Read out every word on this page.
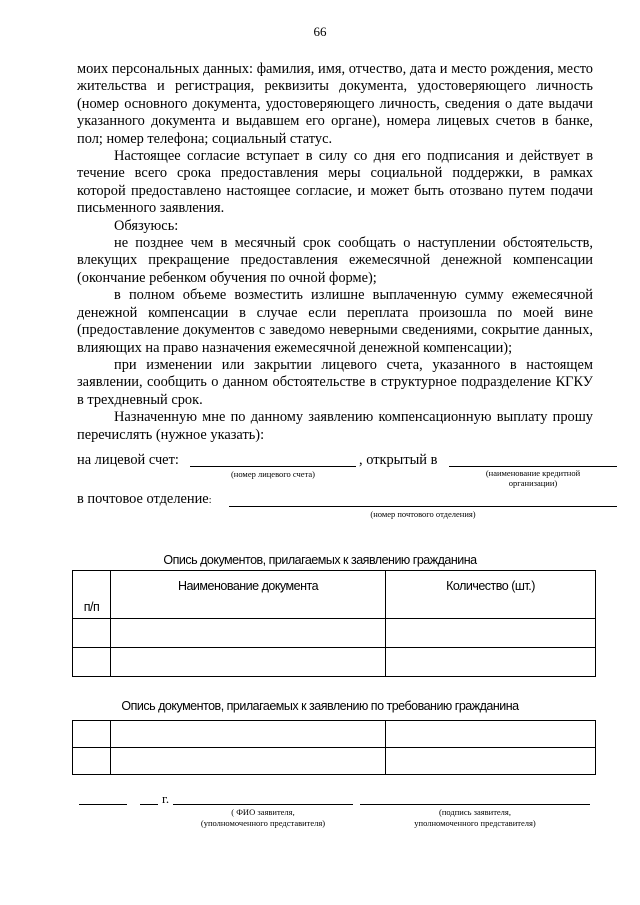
66

моих персональных данных: фамилия, имя, отчество, дата и место рождения, место жительства и регистрация, реквизиты документа, удостоверяющего личность (номер основного документа, удостоверяющего личность, сведения о дате выдачи указанного документа и выдавшем его органе), номера лицевых счетов в банке, пол; номер телефона; социальный статус.

Настоящее согласие вступает в силу со дня его подписания и действует в течение всего срока предоставления меры социальной поддержки, в рамках которой предоставлено настоящее согласие, и может быть отозвано путем подачи письменного заявления.

Обязуюсь:

не позднее чем в месячный срок сообщать о наступлении обстоятельств, влекущих прекращение предоставления ежемесячной денежной компенсации (окончание ребенком обучения по очной форме);

в полном объеме возместить излишне выплаченную сумму ежемесячной денежной компенсации в случае если переплата произошла по моей вине (предоставление документов с заведомо неверными сведениями, сокрытие данных, влияющих на право назначения ежемесячной денежной компенсации);

при изменении или закрытии лицевого счета, указанного в настоящем заявлении, сообщить о данном обстоятельстве в структурное подразделение КГКУ в трехдневный срок.

Назначенную мне по данному заявлению компенсационную выплату прошу перечислять (нужное указать):

на лицевой счет:	, открытый в
(номер лицевого счета)	(наименование кредитной
организации)
в почтовое отделение:
(номер почтового отделения)
Опись документов, прилагаемых к заявлению гражданина
п/п	Наименование документа	Количество (шт.)

Опись документов, прилагаемых к заявлению по требованию гражданина

г.
( ФИО заявителя,
(уполномоченного представителя)
(подпись заявителя,
уполномоченного представителя)
